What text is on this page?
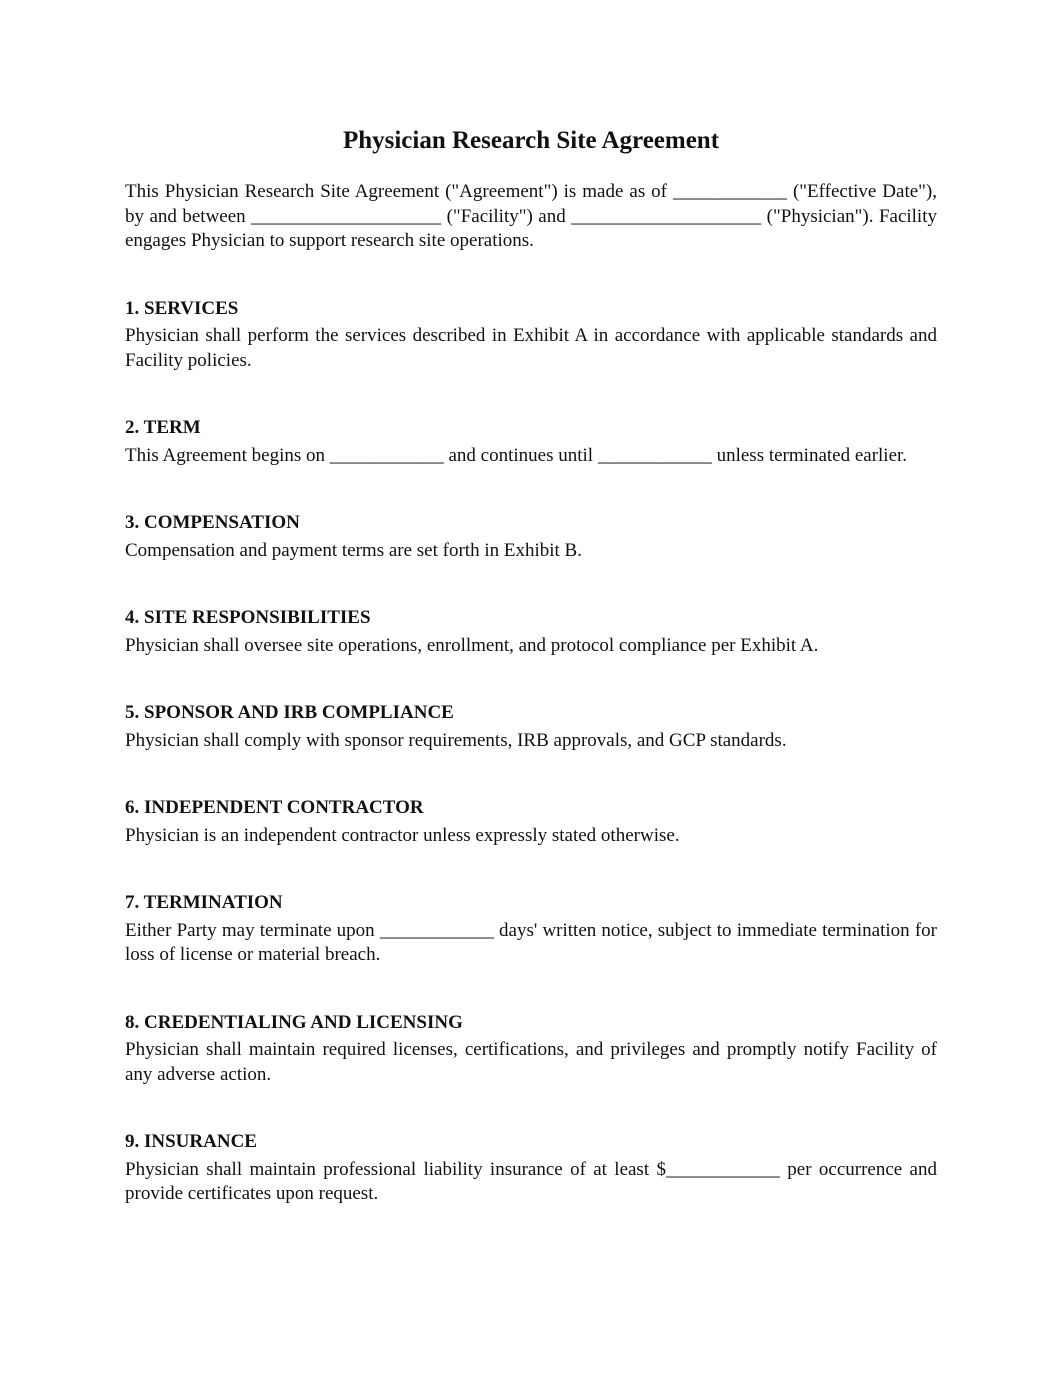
Physician Research Site Agreement

This Physician Research Site Agreement ("Agreement") is made as of ____________ ("Effective Date"), by and between ____________________ ("Facility") and ____________________ ("Physician"). Facility engages Physician to support research site operations.

1. SERVICES

Physician shall perform the services described in Exhibit A in accordance with applicable standards and Facility policies.

2. TERM

This Agreement begins on ____________ and continues until ____________ unless terminated earlier.

3. COMPENSATION

Compensation and payment terms are set forth in Exhibit B.

4. SITE RESPONSIBILITIES

Physician shall oversee site operations, enrollment, and protocol compliance per Exhibit A.

5. SPONSOR AND IRB COMPLIANCE

Physician shall comply with sponsor requirements, IRB approvals, and GCP standards.

6. INDEPENDENT CONTRACTOR

Physician is an independent contractor unless expressly stated otherwise.

7. TERMINATION

Either Party may terminate upon ____________ days' written notice, subject to immediate termination for loss of license or material breach.

8. CREDENTIALING AND LICENSING

Physician shall maintain required licenses, certifications, and privileges and promptly notify Facility of any adverse action.

9. INSURANCE

Physician shall maintain professional liability insurance of at least $____________ per occurrence and provide certificates upon request.
